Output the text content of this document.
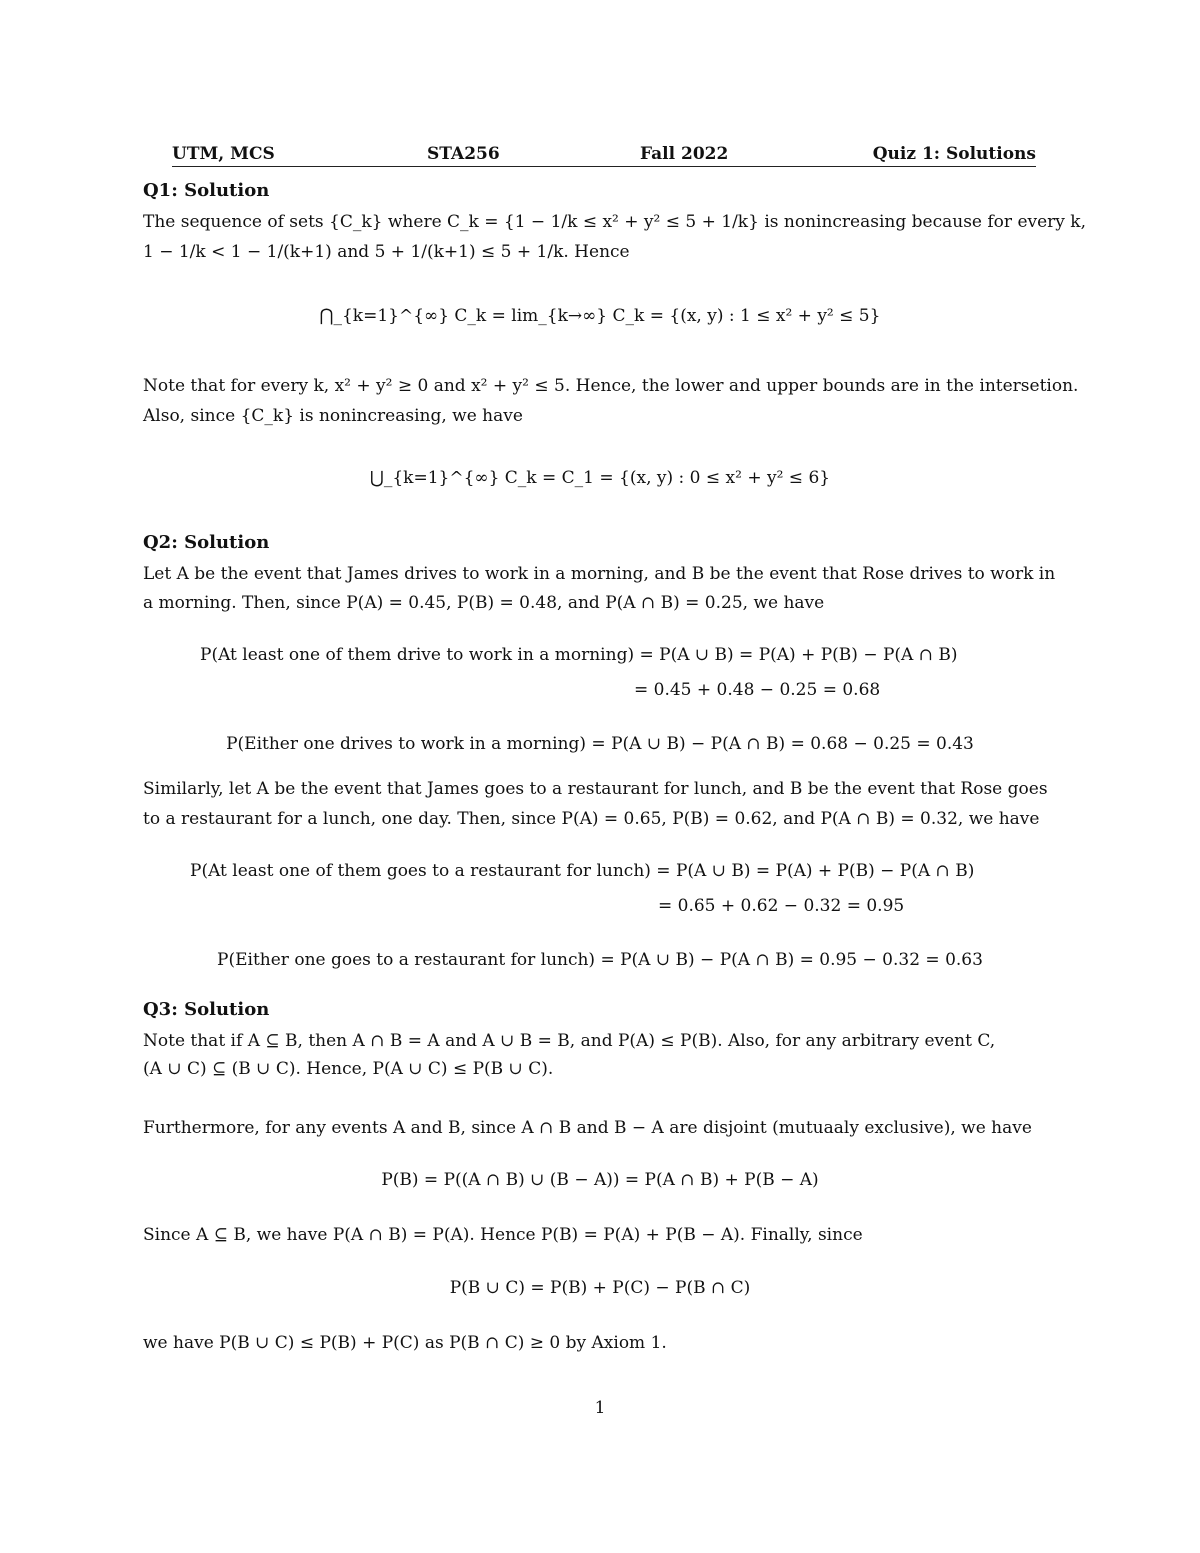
UTM, MCS	STA256	Fall 2022	Quiz 1: Solutions
Q1: Solution
The sequence of sets {C_k} where C_k = {1 − 1/k ≤ x² + y² ≤ 5 + 1/k} is nonincreasing because for every k,
1 − 1/k < 1 − 1/(k+1) and 5 + 1/(k+1) ≤ 5 + 1/k. Hence
⋂_{k=1}^{∞} C_k = lim_{k→∞} C_k = {(x, y) : 1 ≤ x² + y² ≤ 5}
Note that for every k, x² + y² ≥ 0 and x² + y² ≤ 5. Hence, the lower and upper bounds are in the intersetion.
Also, since {C_k} is nonincreasing, we have
⋃_{k=1}^{∞} C_k = C_1 = {(x, y) : 0 ≤ x² + y² ≤ 6}
Q2: Solution
Let A be the event that James drives to work in a morning, and B be the event that Rose drives to work in
a morning. Then, since P(A) = 0.45, P(B) = 0.48, and P(A ∩ B) = 0.25, we have
P(At least one of them drive to work in a morning) = P(A ∪ B) = P(A) + P(B) − P(A ∩ B)
= 0.45 + 0.48 − 0.25 = 0.68
P(Either one drives to work in a morning) = P(A ∪ B) − P(A ∩ B) = 0.68 − 0.25 = 0.43
Similarly, let A be the event that James goes to a restaurant for lunch, and B be the event that Rose goes
to a restaurant for a lunch, one day. Then, since P(A) = 0.65, P(B) = 0.62, and P(A ∩ B) = 0.32, we have
P(At least one of them goes to a restaurant for lunch) = P(A ∪ B) = P(A) + P(B) − P(A ∩ B)
= 0.65 + 0.62 − 0.32 = 0.95
P(Either one goes to a restaurant for lunch) = P(A ∪ B) − P(A ∩ B) = 0.95 − 0.32 = 0.63
Q3: Solution
Note that if A ⊆ B, then A ∩ B = A and A ∪ B = B, and P(A) ≤ P(B). Also, for any arbitrary event C,
(A ∪ C) ⊆ (B ∪ C). Hence, P(A ∪ C) ≤ P(B ∪ C).
Furthermore, for any events A and B, since A ∩ B and B − A are disjoint (mutuaaly exclusive), we have
P(B) = P((A ∩ B) ∪ (B − A)) = P(A ∩ B) + P(B − A)
Since A ⊆ B, we have P(A ∩ B) = P(A). Hence P(B) = P(A) + P(B − A). Finally, since
P(B ∪ C) = P(B) + P(C) − P(B ∩ C)
we have P(B ∪ C) ≤ P(B) + P(C) as P(B ∩ C) ≥ 0 by Axiom 1.
1
